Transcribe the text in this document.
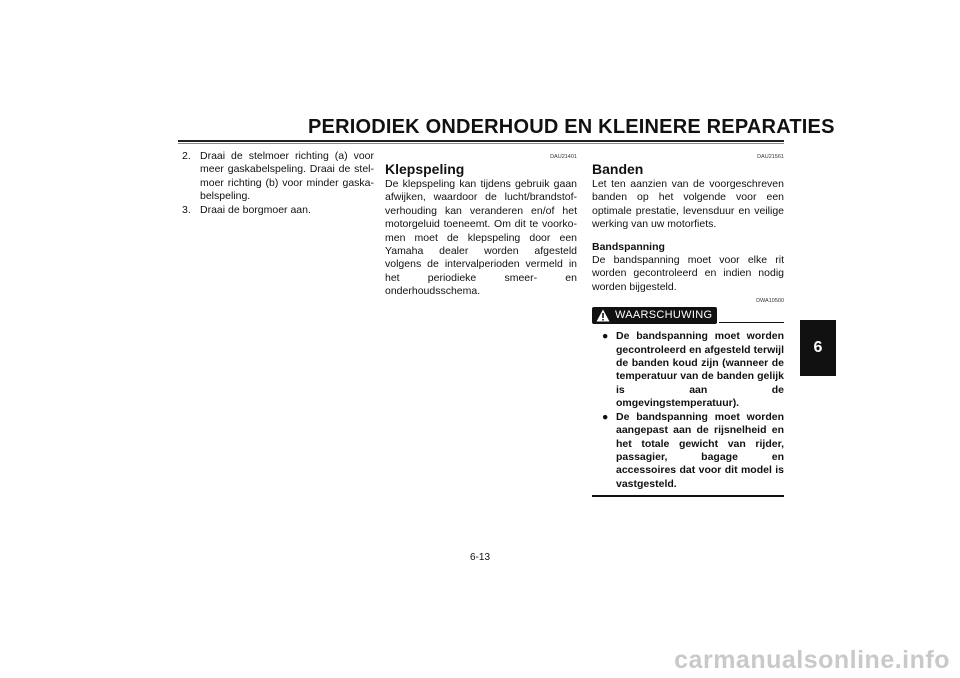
PERIODIEK ONDERHOUD EN KLEINERE REPARATIES
6
2. Draai de stelmoer richting (a) voor meer gaskabelspeling. Draai de stelmoer richting (b) voor minder gaskabelspeling.
3. Draai de borgmoer aan.
DAU21401
Klepspeling

De klepspeling kan tijdens gebruik gaan afwijken, waardoor de lucht/brandstof-verhouding kan veranderen en/of het motorgeluid toeneemt. Om dit te voorkomen moet de klepspeling door een Yamaha dealer worden afgesteld volgens de intervalperioden vermeld in het periodieke smeer- en onderhoudsschema.

DAU21561
Banden

Let ten aanzien van de voorgeschreven banden op het volgende voor een optimale prestatie, levensduur en veilige werking van uw motorfiets.

Bandspanning

De bandspanning moet voor elke rit worden gecontroleerd en indien nodig worden bijgesteld.

DWA10500
WAARSCHUWING
● De bandspanning moet worden gecontroleerd en afgesteld terwijl de banden koud zijn (wanneer de temperatuur van de banden gelijk is aan de omgevingstemperatuur).
● De bandspanning moet worden aangepast aan de rijsnelheid en het totale gewicht van rijder, passagier, bagage en accessoires dat voor dit model is vastgesteld.
6-13
carmanualsonline.info
